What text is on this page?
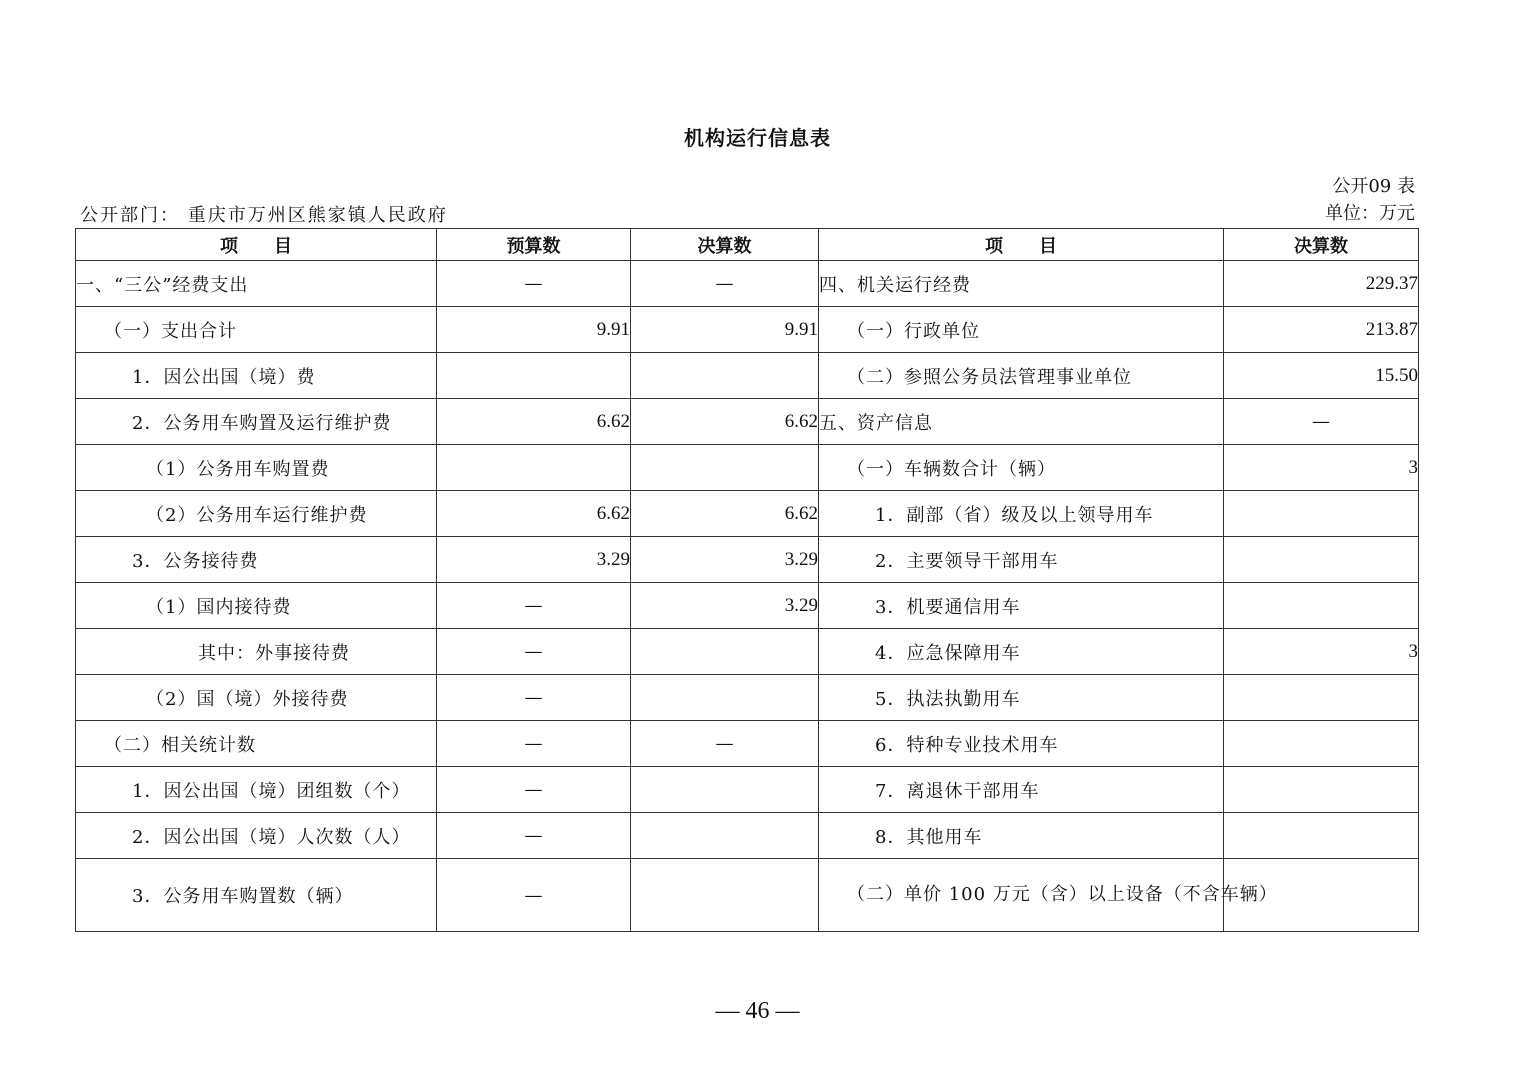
机构运行信息表
公开09 表
单位：万元
公开部门： 重庆市万州区熊家镇人民政府
项　　目	预算数	决算数	项　　目	决算数
一、“三公”经费支出	—	—	四、机关运行经费	229.37
（一）支出合计	9.91	9.91	（一）行政单位	213.87
1．因公出国（境）费			（二）参照公务员法管理事业单位	15.50
2．公务用车购置及运行维护费	6.62	6.62	五、资产信息	—
（1）公务用车购置费			（一）车辆数合计（辆）	3
（2）公务用车运行维护费	6.62	6.62	1．副部（省）级及以上领导用车	
3．公务接待费	3.29	3.29	2．主要领导干部用车	
（1）国内接待费	—	3.29	3．机要通信用车	
其中：外事接待费	—		4．应急保障用车	3
（2）国（境）外接待费	—		5．执法执勤用车	
（二）相关统计数	—	—	6．特种专业技术用车	
1．因公出国（境）团组数（个）	—		7．离退休干部用车	
2．因公出国（境）人次数（人）	—		8．其他用车	
3．公务用车购置数（辆）	—		（二）单价 100 万元（含）以上设备（不含车辆）	
— 46 —
